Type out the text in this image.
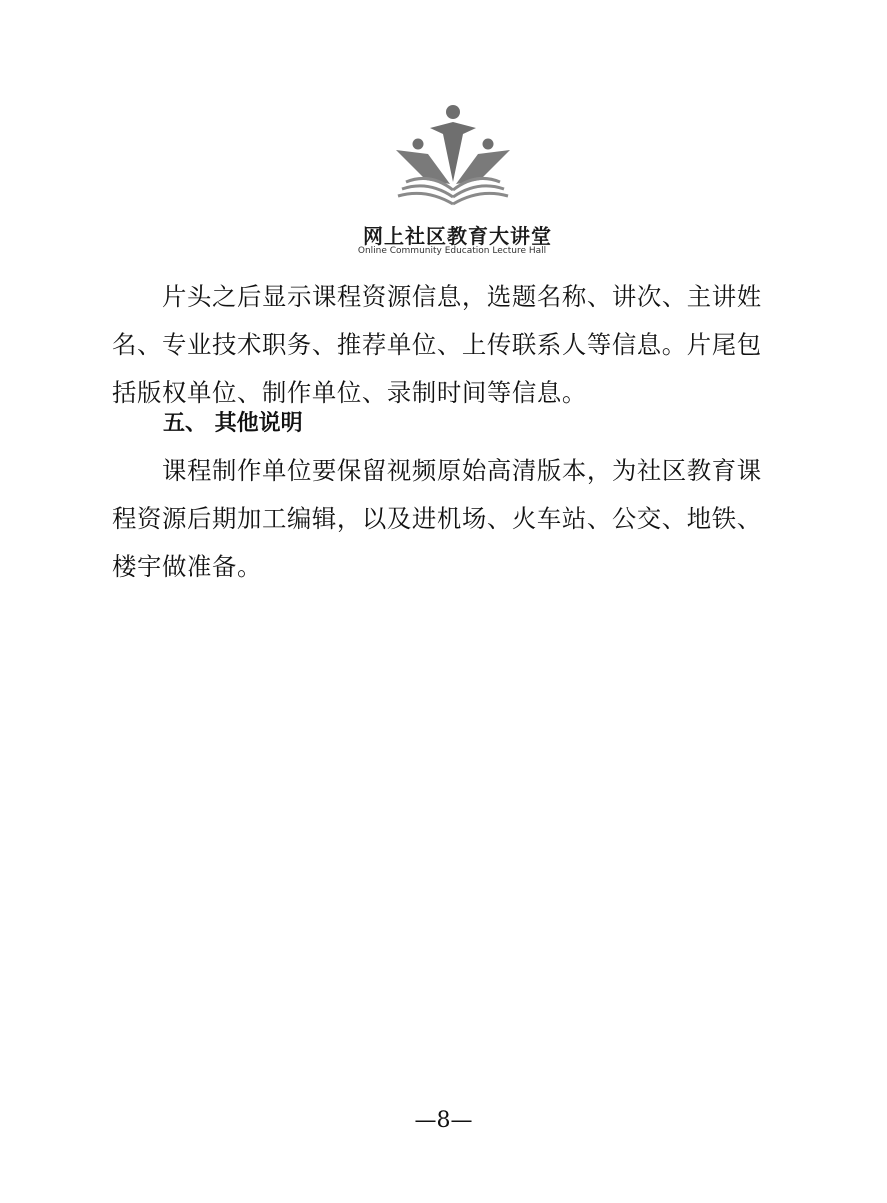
网上社区教育大讲堂
Online Community Education Lecture Hall

片头之后显示课程资源信息，选题名称、讲次、主讲姓名、专业技术职务、推荐单位、上传联系人等信息。片尾包括版权单位、制作单位、录制时间等信息。

五、 其他说明

课程制作单位要保留视频原始高清版本，为社区教育课程资源后期加工编辑，以及进机场、火车站、公交、地铁、楼宇做准备。

—8—
